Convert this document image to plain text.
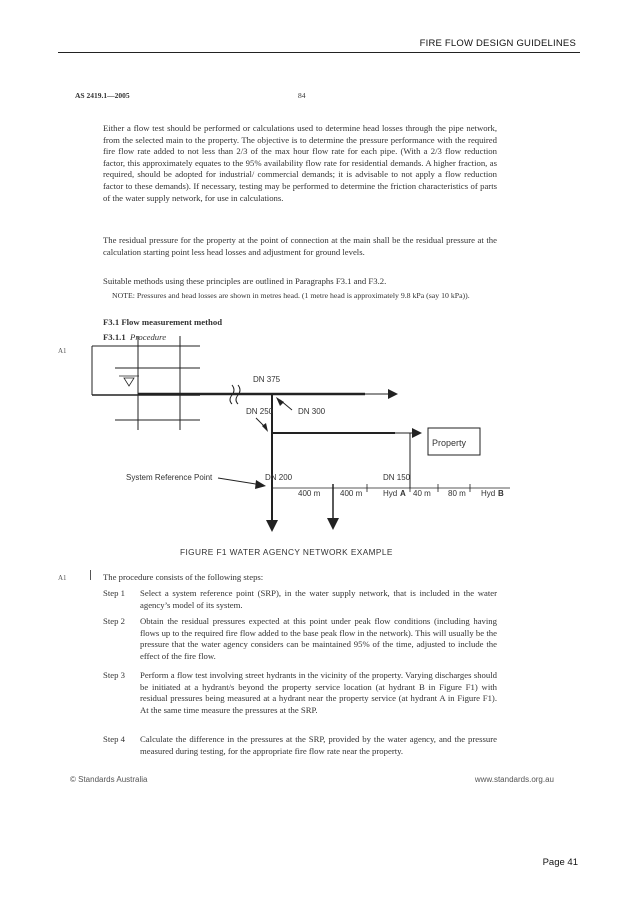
FIRE FLOW DESIGN GUIDELINES
AS 2419.1—2005	84

Either a flow test should be performed or calculations used to determine head losses through the pipe network, from the selected main to the property. The objective is to determine the pressure performance with the required fire flow rate added to not less than 2/3 of the max hour flow rate for each pipe. (With a 2/3 flow reduction factor, this approximately equates to the 95% availability flow rate for residential demands. A higher fraction, as required, should be adopted for industrial/ commercial demands; it is advisable to not apply a flow reduction factor to these demands). If necessary, testing may be performed to determine the friction characteristics of parts of the water supply network, for use in calculations.

The residual pressure for the property at the point of connection at the main shall be the residual pressure at the calculation starting point less head losses and adjustment for ground levels.

Suitable methods using these principles are outlined in Paragraphs F3.1 and F3.2.

NOTE: Pressures and head losses are shown in metres head. (1 metre head is approximately 9.8 kPa (say 10 kPa)).

F3.1 Flow measurement method
F3.1.1 Procedure
A1
A1
DN 375
DN 250	DN 300
Property
System Reference Point	DN 200	DN 150
400 m 400 m	Hyd A 40 m 80 m Hyd B
FIGURE F1 WATER AGENCY NETWORK EXAMPLE
The procedure consists of the following steps:
Step 1	Select a system reference point (SRP), in the water supply network, that is included in the water agency’s model of its system.
Step 2	Obtain the residual pressures expected at this point under peak flow conditions (including having flows up to the required fire flow added to the base peak flow in the network). This will usually be the pressure that the water agency considers can be maintained 95% of the time, adjusted to include the effect of the fire flow.
Step 3	Perform a flow test involving street hydrants in the vicinity of the property. Varying discharges should be initiated at a hydrant/s beyond the property service location (at hydrant B in Figure F1) with residual pressures being measured at a hydrant near the property service (at hydrant A in Figure F1). At the same time measure the pressures at the SRP.
Step 4	Calculate the difference in the pressures at the SRP, provided by the water agency, and the pressure measured during testing, for the appropriate fire flow rate near the property.
© Standards Australia	www.standards.org.au
Page 41
